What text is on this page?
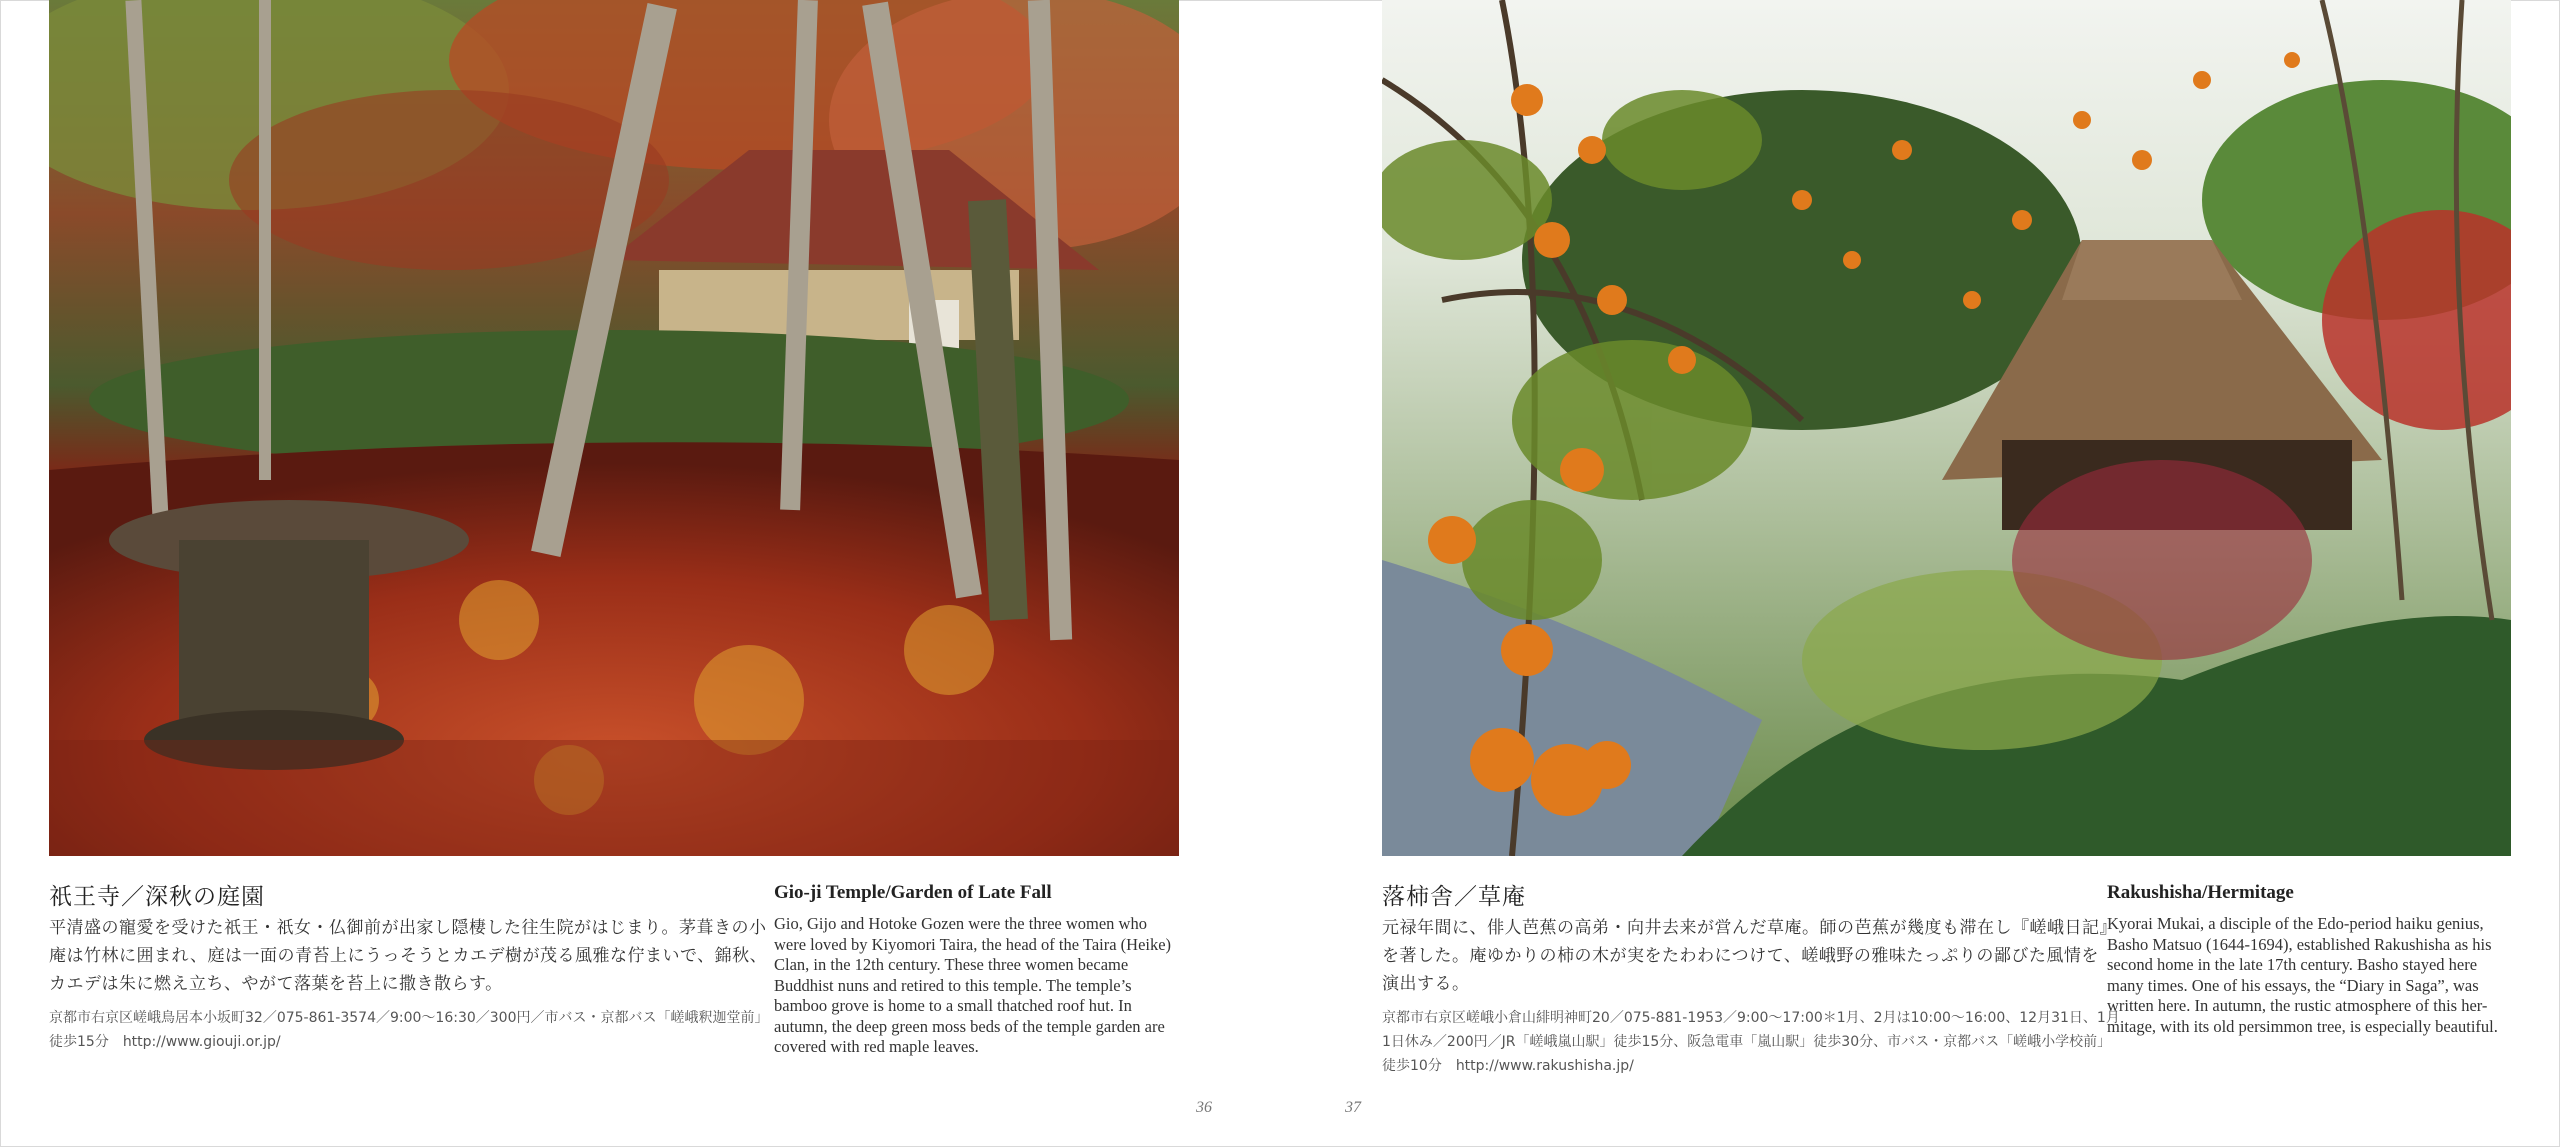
祇王寺／深秋の庭園
平清盛の寵愛を受けた祇王・祇女・仏御前が出家し隠棲した往生院がはじまり。茅葺きの小
庵は竹林に囲まれ、庭は一面の青苔上にうっそうとカエデ樹が茂る風雅な佇まいで、錦秋、
カエデは朱に燃え立ち、やがて落葉を苔上に撒き散らす。
京都市右京区嵯峨鳥居本小坂町32／075-861-3574／9:00～16:30／300円／市バス・京都バス「嵯峨釈迦堂前」
徒歩15分　http://www.giouji.or.jp/
Gio-ji Temple/Garden of Late Fall
Gio, Gijo and Hotoke Gozen were the three women who
were loved by Kiyomori Taira, the head of the Taira (Heike)
Clan, in the 12th century. These three women became
Buddhist nuns and retired to this temple. The temple’s
bamboo grove is home to a small thatched roof hut. In
autumn, the deep green moss beds of the temple garden are
covered with red maple leaves.
36
落柿舎／草庵
元禄年間に、俳人芭蕉の高弟・向井去来が営んだ草庵。師の芭蕉が幾度も滞在し『嵯峨日記』
を著した。庵ゆかりの柿の木が実をたわわにつけて、嵯峨野の雅味たっぷりの鄙びた風情を
演出する。
京都市右京区嵯峨小倉山緋明神町20／075-881-1953／9:00～17:00＊1月、2月は10:00～16:00、12月31日、1月
1日休み／200円／JR「嵯峨嵐山駅」徒歩15分、阪急電車「嵐山駅」徒歩30分、市バス・京都バス「嵯峨小学校前」
徒歩10分　http://www.rakushisha.jp/
Rakushisha/Hermitage
Kyorai Mukai, a disciple of the Edo-period haiku genius,
Basho Matsuo (1644-1694), established Rakushisha as his
second home in the late 17th century. Basho stayed here
many times. One of his essays, the “Diary in Saga”, was
written here. In autumn, the rustic atmosphere of this her-
mitage, with its old persimmon tree, is especially beautiful.
37
